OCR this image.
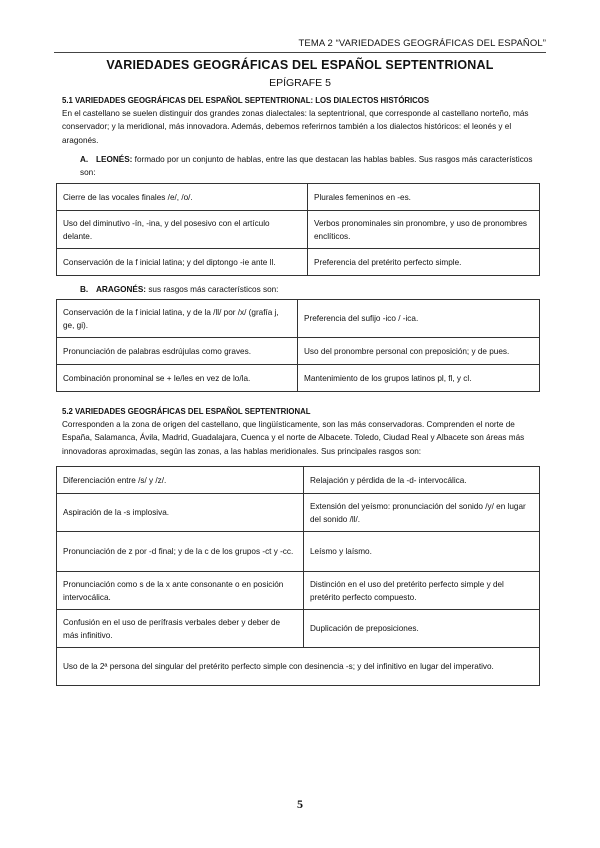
TEMA 2 “VARIEDADES GEOGRÁFICAS DEL ESPAÑOL”
VARIEDADES GEOGRÁFICAS DEL ESPAÑOL SEPTENTRIONAL
EPÍGRAFE 5
5.1 VARIEDADES GEOGRÁFICAS DEL ESPAÑOL SEPTENTRIONAL: LOS DIALECTOS HISTÓRICOS
En el castellano se suelen distinguir dos grandes zonas dialectales: la septentrional, que corresponde al castellano norteño, más conservador; y la meridional, más innovadora. Además, debemos referirnos también a los dialectos históricos: el leonés y el aragonés.
A. LEONÉS: formado por un conjunto de hablas, entre las que destacan las hablas bables. Sus rasgos más característicos son:
Cierre de las vocales finales /e/, /o/.	Plurales femeninos en -es.
Uso del diminutivo -ín, -ina, y del posesivo con el artículo delante.	Verbos pronominales sin pronombre, y uso de pronombres enclíticos.
Conservación de la f inicial latina; y del diptongo -ie ante ll.	Preferencia del pretérito perfecto simple.
B. ARAGONÉS: sus rasgos más característicos son:
Conservación de la f inicial latina, y de la /ll/ por /x/ (grafía j, ge, gi).	Preferencia del sufijo -ico / -ica.
Pronunciación de palabras esdrújulas como graves.	Uso del pronombre personal con preposición; y de pues.
Combinación pronominal se + le/les en vez de lo/la.	Mantenimiento de los grupos latinos pl, fl, y cl.
5.2 VARIEDADES GEOGRÁFICAS DEL ESPAÑOL SEPTENTRIONAL
Corresponden a la zona de origen del castellano, que lingüísticamente, son las más conservadoras. Comprenden el norte de España, Salamanca, Ávila, Madrid, Guadalajara, Cuenca y el norte de Albacete. Toledo, Ciudad Real y Albacete son áreas más innovadoras aproximadas, según las zonas, a las hablas meridionales. Sus principales rasgos son:
Diferenciación entre /s/ y /z/.	Relajación y pérdida de la -d- intervocálica.
Aspiración de la -s implosiva.	Extensión del yeísmo: pronunciación del sonido /y/ en lugar del sonido /ll/.
Pronunciación de z por -d final; y de la c de los grupos -ct y -cc.	Leísmo y laísmo.
Pronunciación como s de la x ante consonante o en posición intervocálica.	Distinción en el uso del pretérito perfecto simple y del pretérito perfecto compuesto.
Confusión en el uso de perífrasis verbales deber y deber de más infinitivo.	Duplicación de preposiciones.
Uso de la 2ª persona del singular del pretérito perfecto simple con desinencia -s; y del infinitivo en lugar del imperativo.	
5
